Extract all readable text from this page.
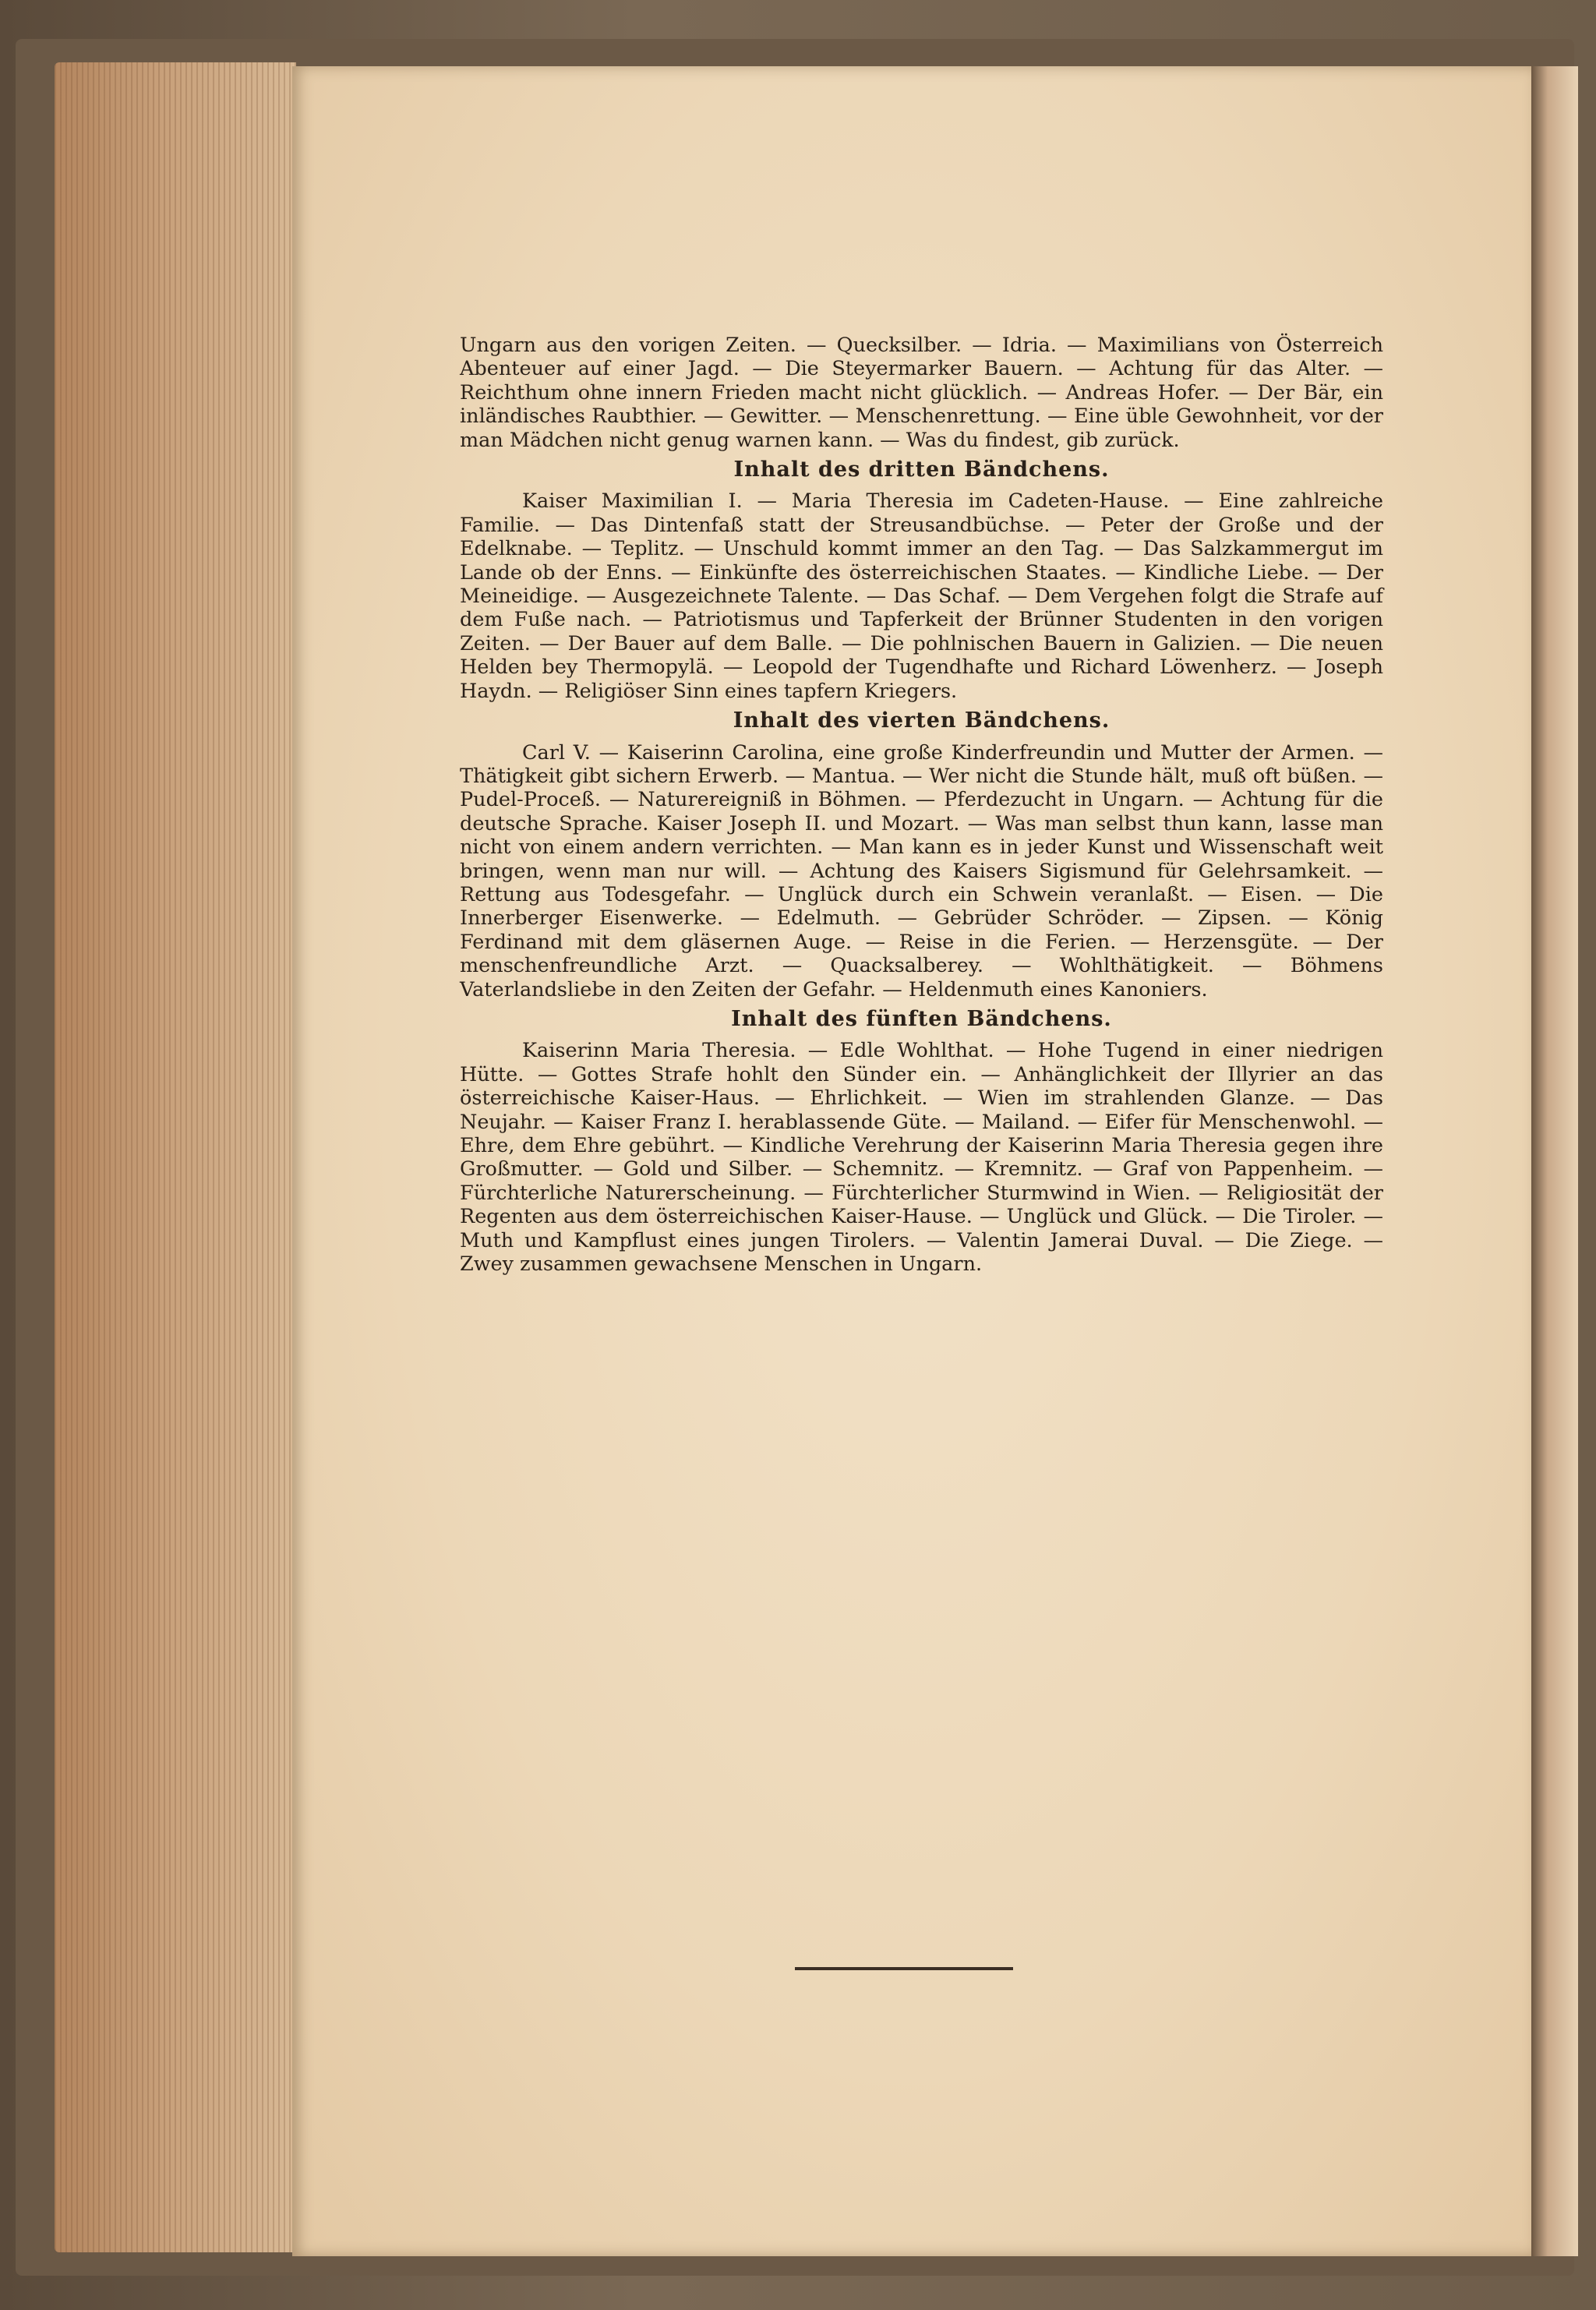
Ungarn aus den vorigen Zeiten. — Quecksilber. — Idria. — Maximilians von Österreich Abenteuer auf einer Jagd. — Die Steyermarker Bauern. — Achtung für das Alter. — Reichthum ohne innern Frieden macht nicht glücklich. — Andreas Hofer. — Der Bär, ein inländisches Raubthier. — Gewitter. — Menschenrettung. — Eine üble Gewohnheit, vor der man Mädchen nicht genug warnen kann. — Was du findest, gib zurück.

Inhalt des dritten Bändchens.

Kaiser Maximilian I. — Maria Theresia im Cadeten-Hause. — Eine zahlreiche Familie. — Das Dintenfaß statt der Streusandbüchse. — Peter der Große und der Edelknabe. — Teplitz. — Unschuld kommt immer an den Tag. — Das Salzkammergut im Lande ob der Enns. — Einkünfte des österreichischen Staates. — Kindliche Liebe. — Der Meineidige. — Ausgezeichnete Talente. — Das Schaf. — Dem Vergehen folgt die Strafe auf dem Fuße nach. — Patriotismus und Tapferkeit der Brünner Studenten in den vorigen Zeiten. — Der Bauer auf dem Balle. — Die pohlnischen Bauern in Galizien. — Die neuen Helden bey Thermopylä. — Leopold der Tugendhafte und Richard Löwenherz. — Joseph Haydn. — Religiöser Sinn eines tapfern Kriegers.

Inhalt des vierten Bändchens.

Carl V. — Kaiserinn Carolina, eine große Kinderfreundin und Mutter der Armen. — Thätigkeit gibt sichern Erwerb. — Mantua. — Wer nicht die Stunde hält, muß oft büßen. — Pudel-Proceß. — Naturereigniß in Böhmen. — Pferdezucht in Ungarn. — Achtung für die deutsche Sprache. Kaiser Joseph II. und Mozart. — Was man selbst thun kann, lasse man nicht von einem andern verrichten. — Man kann es in jeder Kunst und Wissenschaft weit bringen, wenn man nur will. — Achtung des Kaisers Sigismund für Gelehrsamkeit. — Rettung aus Todesgefahr. — Unglück durch ein Schwein veranlaßt. — Eisen. — Die Innerberger Eisenwerke. — Edelmuth. — Gebrüder Schröder. — Zipsen. — König Ferdinand mit dem gläsernen Auge. — Reise in die Ferien. — Herzensgüte. — Der menschenfreundliche Arzt. — Quacksalberey. — Wohlthätigkeit. — Böhmens Vaterlandsliebe in den Zeiten der Gefahr. — Heldenmuth eines Kanoniers.

Inhalt des fünften Bändchens.

Kaiserinn Maria Theresia. — Edle Wohlthat. — Hohe Tugend in einer niedrigen Hütte. — Gottes Strafe hohlt den Sünder ein. — Anhänglichkeit der Illyrier an das österreichische Kaiser-Haus. — Ehrlichkeit. — Wien im strahlenden Glanze. — Das Neujahr. — Kaiser Franz I. herablassende Güte. — Mailand. — Eifer für Menschenwohl. — Ehre, dem Ehre gebührt. — Kindliche Verehrung der Kaiserinn Maria Theresia gegen ihre Großmutter. — Gold und Silber. — Schemnitz. — Kremnitz. — Graf von Pappenheim. — Fürchterliche Naturerscheinung. — Fürchterlicher Sturmwind in Wien. — Religiosität der Regenten aus dem österreichischen Kaiser-Hause. — Unglück und Glück. — Die Tiroler. — Muth und Kampflust eines jungen Tirolers. — Valentin Jamerai Duval. — Die Ziege. — Zwey zusammen gewachsene Menschen in Ungarn.
